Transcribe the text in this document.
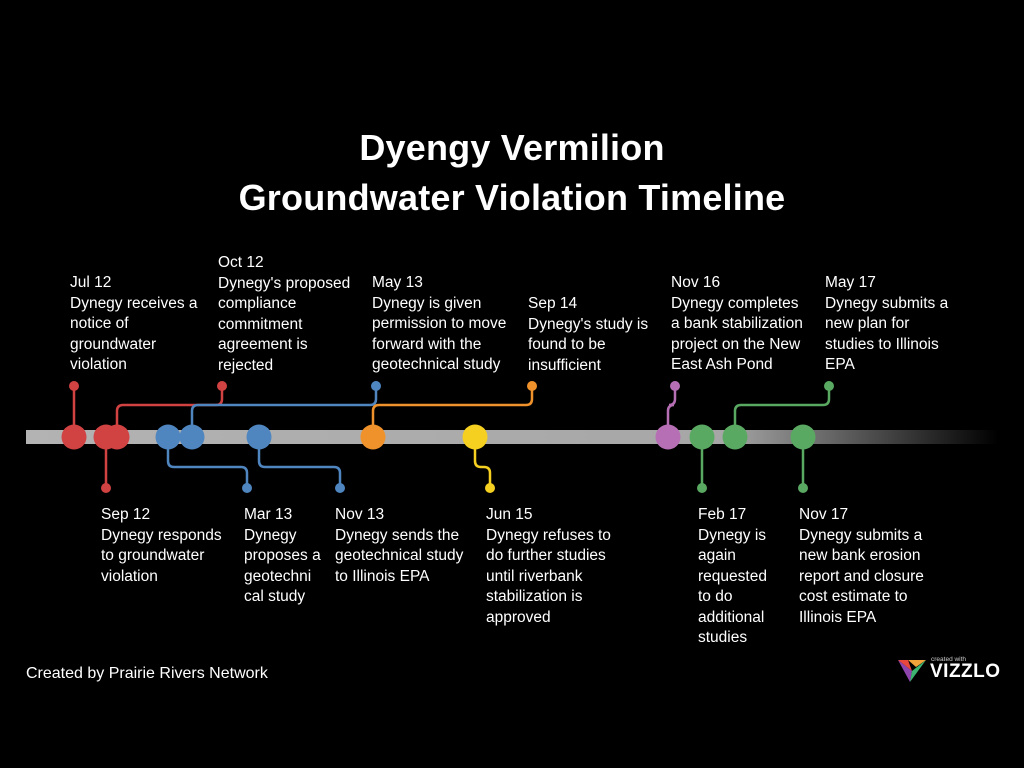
Dyengy Vermilion
Groundwater Violation Timeline
Jul 12
Dynegy receives a
notice of
groundwater
violation
Sep 12
Dynegy responds
to groundwater
violation
Oct 12
Dynegy's proposed
compliance
commitment
agreement is
rejected
Mar 13
Dynegy
proposes a
geotechni
cal study
May 13
Dynegy is given
permission to move
forward with the
geotechnical study
Nov 13
Dynegy sends the
geotechnical study
to Illinois EPA
Sep 14
Dynegy's study is
found to be
insufficient
Jun 15
Dynegy refuses to
do further studies
until riverbank
stabilization is
approved
Nov 16
Dynegy completes
a bank stabilization
project on the New
East Ash Pond
Feb 17
Dynegy is
again
requested
to do
additional
studies
May 17
Dynegy submits a
new plan for
studies to Illinois
EPA
Nov 17
Dynegy submits a
new bank erosion
report and closure
cost estimate to
Illinois EPA
Created by Prairie Rivers Network
created with
VIZZLO
